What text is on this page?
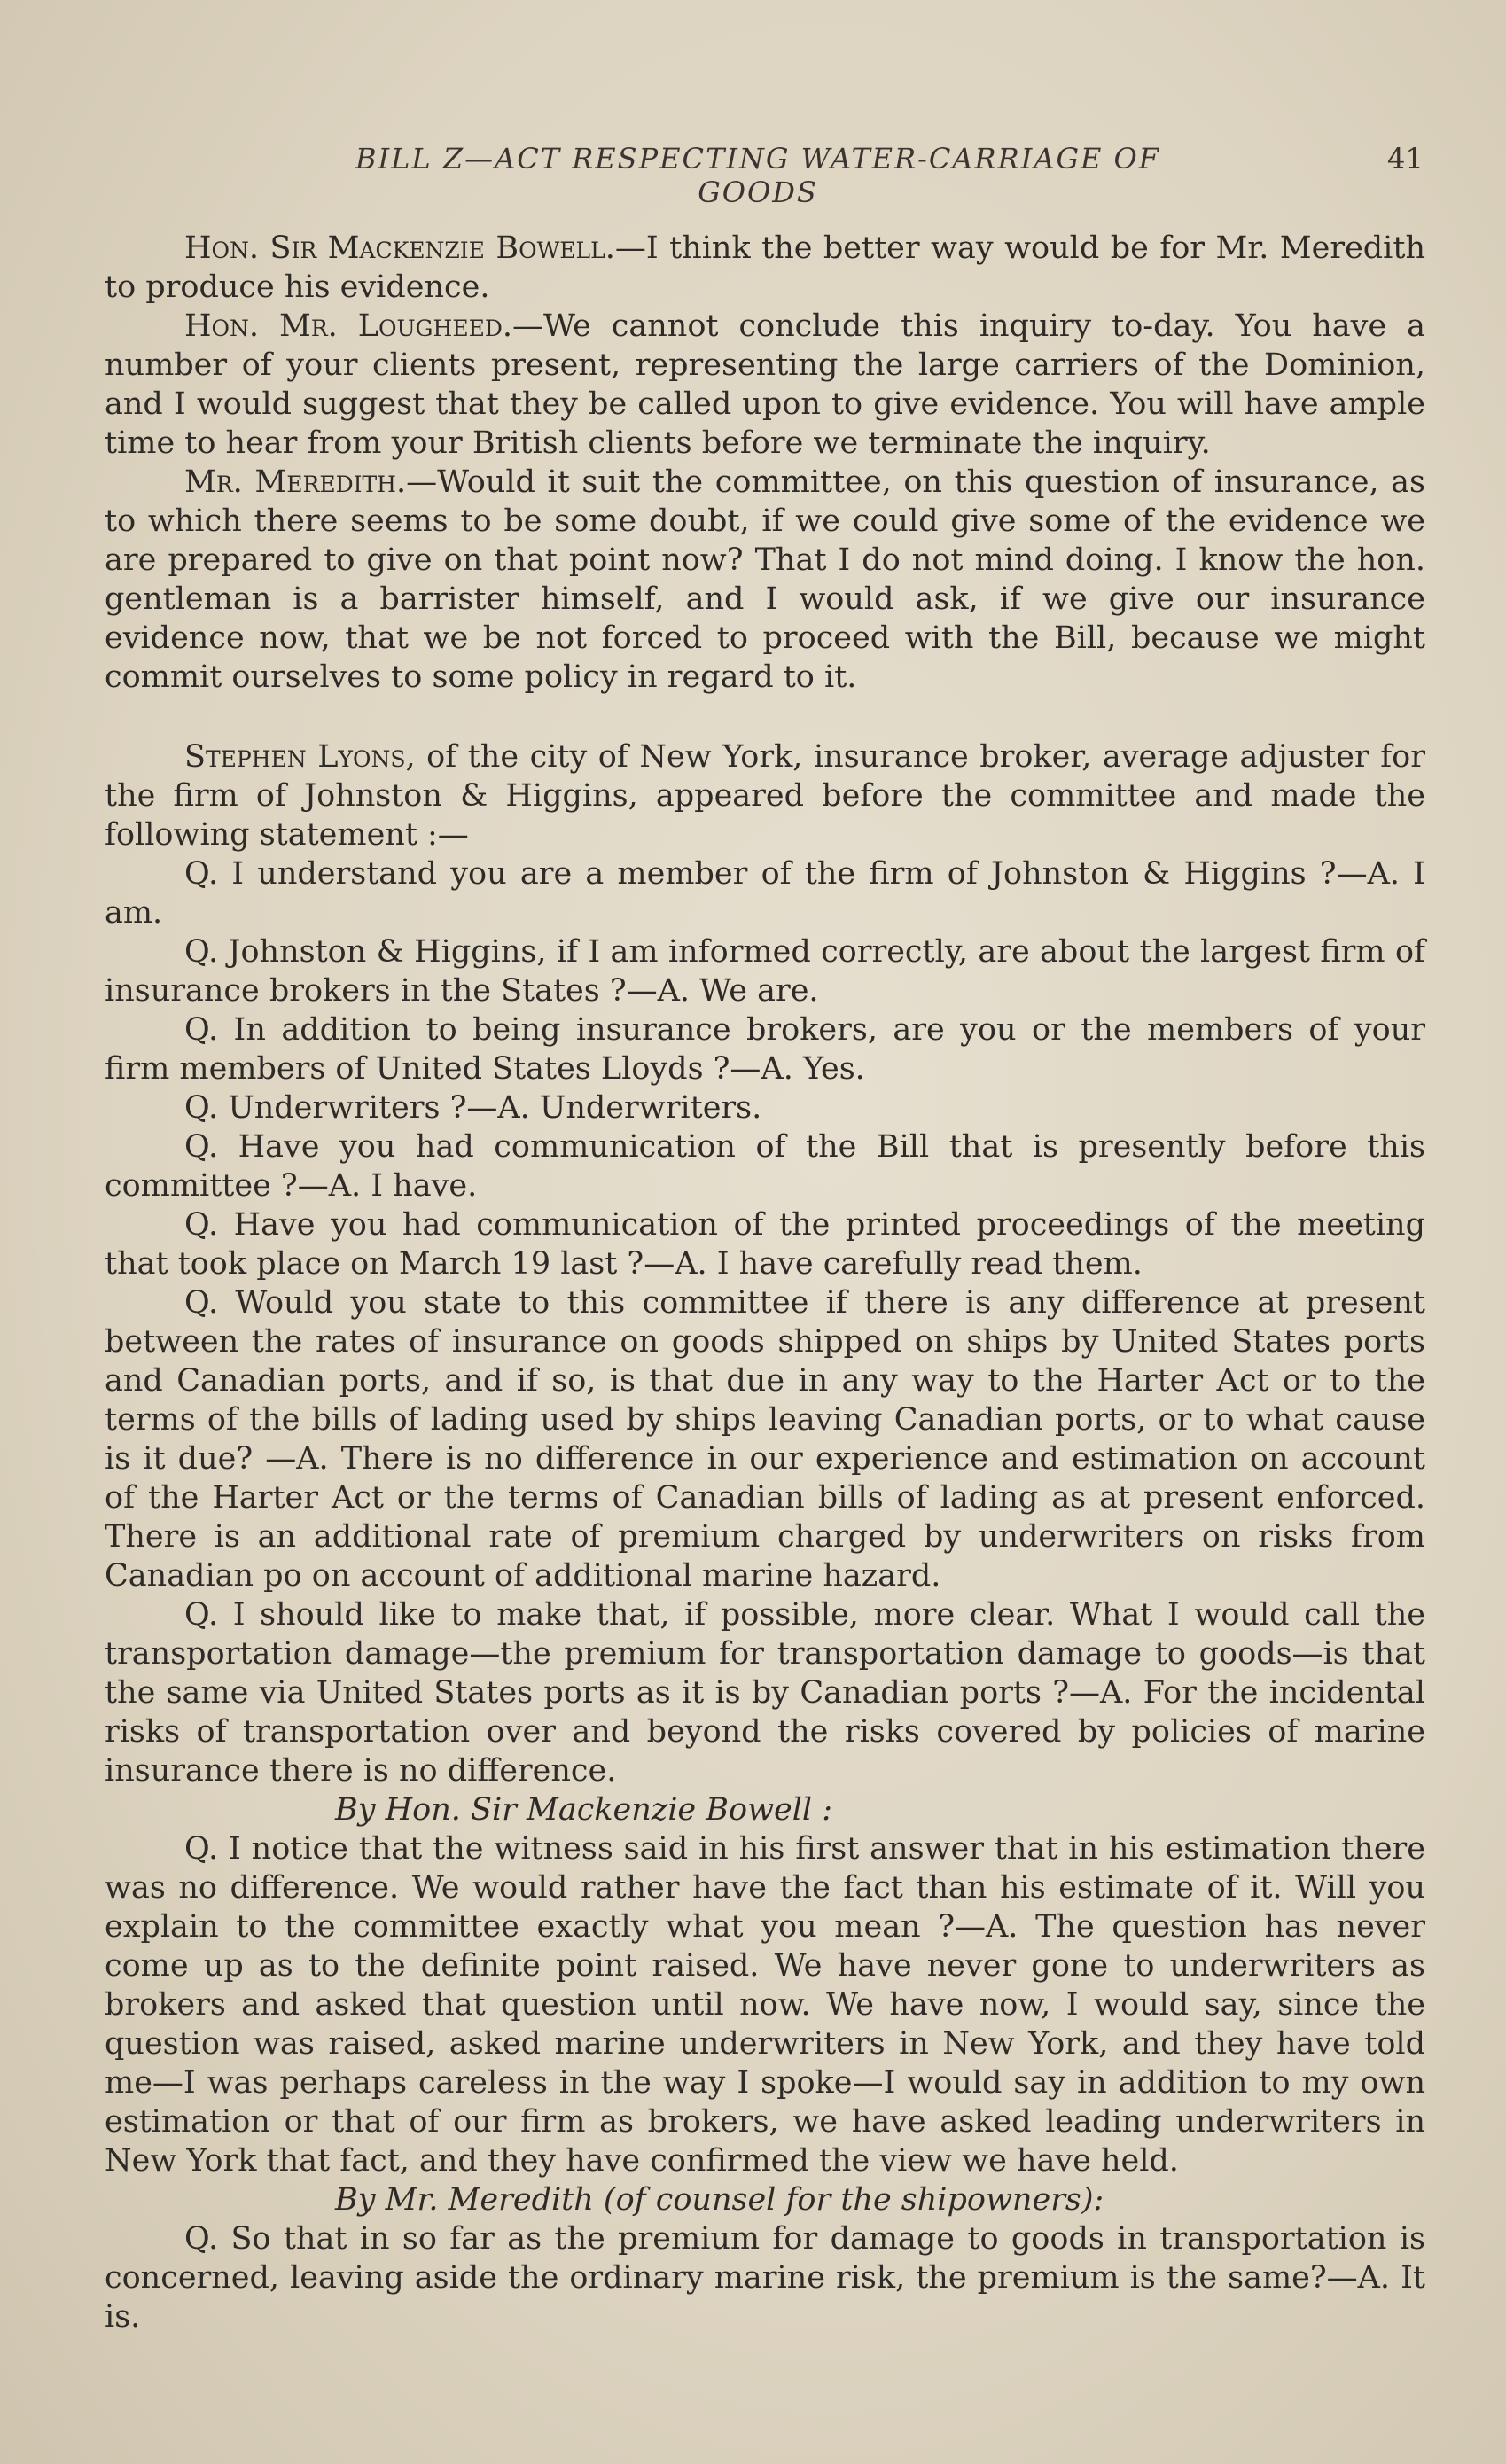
BILL Z—ACT RESPECTING WATER-CARRIAGE OF GOODS
41

Hon. Sir Mackenzie Bowell.—I think the better way would be for Mr. Meredith to produce his evidence.

Hon. Mr. Lougheed.—We cannot conclude this inquiry to-day. You have a number of your clients present, representing the large carriers of the Dominion, and I would suggest that they be called upon to give evidence. You will have ample time to hear from your British clients before we terminate the inquiry.

Mr. Meredith.—Would it suit the committee, on this question of insurance, as to which there seems to be some doubt, if we could give some of the evidence we are prepared to give on that point now? That I do not mind doing. I know the hon. gentleman is a barrister himself, and I would ask, if we give our insurance evidence now, that we be not forced to proceed with the Bill, because we might commit ourselves to some policy in regard to it.

Stephen Lyons, of the city of New York, insurance broker, average adjuster for the firm of Johnston & Higgins, appeared before the committee and made the following statement :—

Q. I understand you are a member of the firm of Johnston & Higgins ?—A. I am.

Q. Johnston & Higgins, if I am informed correctly, are about the largest firm of insurance brokers in the States ?—A. We are.

Q. In addition to being insurance brokers, are you or the members of your firm members of United States Lloyds ?—A. Yes.

Q. Underwriters ?—A. Underwriters.

Q. Have you had communication of the Bill that is presently before this committee ?—A. I have.

Q. Have you had communication of the printed proceedings of the meeting that took place on March 19 last ?—A. I have carefully read them.

Q. Would you state to this committee if there is any difference at present between the rates of insurance on goods shipped on ships by United States ports and Canadian ports, and if so, is that due in any way to the Harter Act or to the terms of the bills of lading used by ships leaving Canadian ports, or to what cause is it due? —A. There is no difference in our experience and estimation on account of the Harter Act or the terms of Canadian bills of lading as at present enforced. There is an additional rate of premium charged by underwriters on risks from Canadian po on account of additional marine hazard.

Q. I should like to make that, if possible, more clear. What I would call the transportation damage—the premium for transportation damage to goods—is that the same via United States ports as it is by Canadian ports ?—A. For the incidental risks of transportation over and beyond the risks covered by policies of marine insurance there is no difference.

By Hon. Sir Mackenzie Bowell :

Q. I notice that the witness said in his first answer that in his estimation there was no difference. We would rather have the fact than his estimate of it. Will you explain to the committee exactly what you mean ?—A. The question has never come up as to the definite point raised. We have never gone to underwriters as brokers and asked that question until now. We have now, I would say, since the question was raised, asked marine underwriters in New York, and they have told me—I was perhaps careless in the way I spoke—I would say in addition to my own estimation or that of our firm as brokers, we have asked leading underwriters in New York that fact, and they have confirmed the view we have held.

By Mr. Meredith (of counsel for the shipowners):

Q. So that in so far as the premium for damage to goods in transportation is concerned, leaving aside the ordinary marine risk, the premium is the same?—A. It is.
